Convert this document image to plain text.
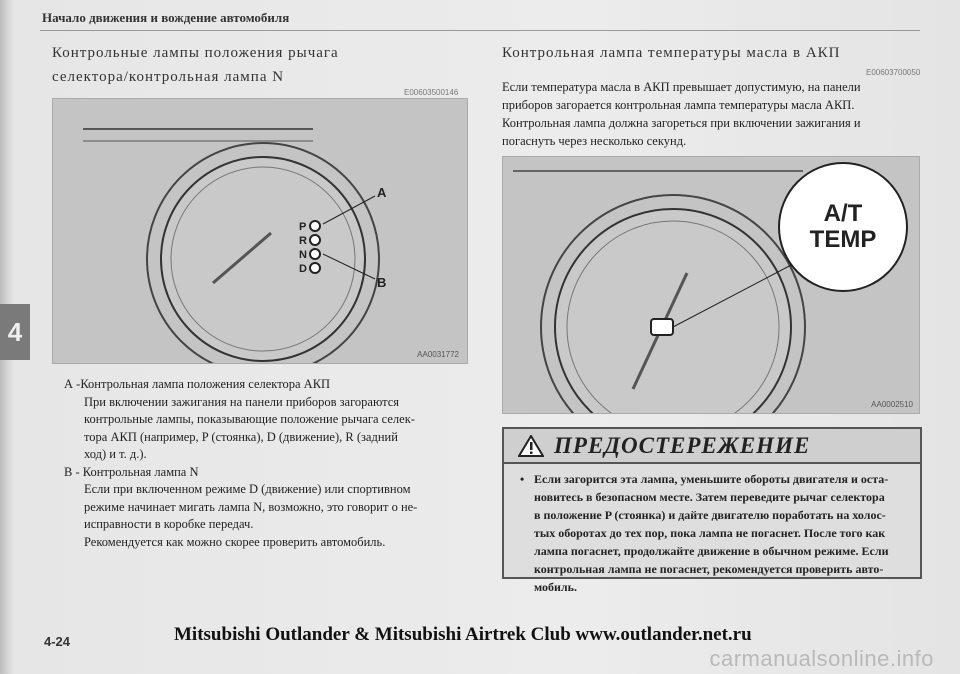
Начало движения и вождение автомобиля
4
Контрольные лампы положения рычага
селектора/контрольная лампа N
E00603500146
P
R
N
D
A
B
AA0031772
А -Контрольная лампа положения селектора АКП
При включении зажигания на панели приборов загораются
контрольные лампы, показывающие положение рычага селек-
тора АКП (например, P (стоянка), D (движение), R (задний
ход) и т. д.).
B - Контрольная лампа N
Если при включенном режиме D (движение) или спортивном
режиме начинает мигать лампа N, возможно, это говорит о не-
исправности в коробке передач.
Рекомендуется как можно скорее проверить автомобиль.
Контрольная лампа температуры масла в АКП
E00603700050
Если температура масла в АКП превышает допустимую, на панели
приборов загорается контрольная лампа температуры масла АКП.
Контрольная лампа должна загореться при включении зажигания и
погаснуть через несколько секунд.
A/T
TEMP
AA0002510
ПРЕДОСТЕРЕЖЕНИЕ
• Если загорится эта лампа, уменьшите обороты двигателя и оста-
новитесь в безопасном месте. Затем переведите рычаг селектора
в положение P (стоянка) и дайте двигателю поработать на холос-
тых оборотах до тех пор, пока лампа не погаснет. После того как
лампа погаснет, продолжайте движение в обычном режиме. Если
контрольная лампа не погаснет, рекомендуется проверить авто-
мобиль.
4-24	Mitsubishi Outlander & Mitsubishi Airtrek Club www.outlander.net.ru
carmanualsonline.info
